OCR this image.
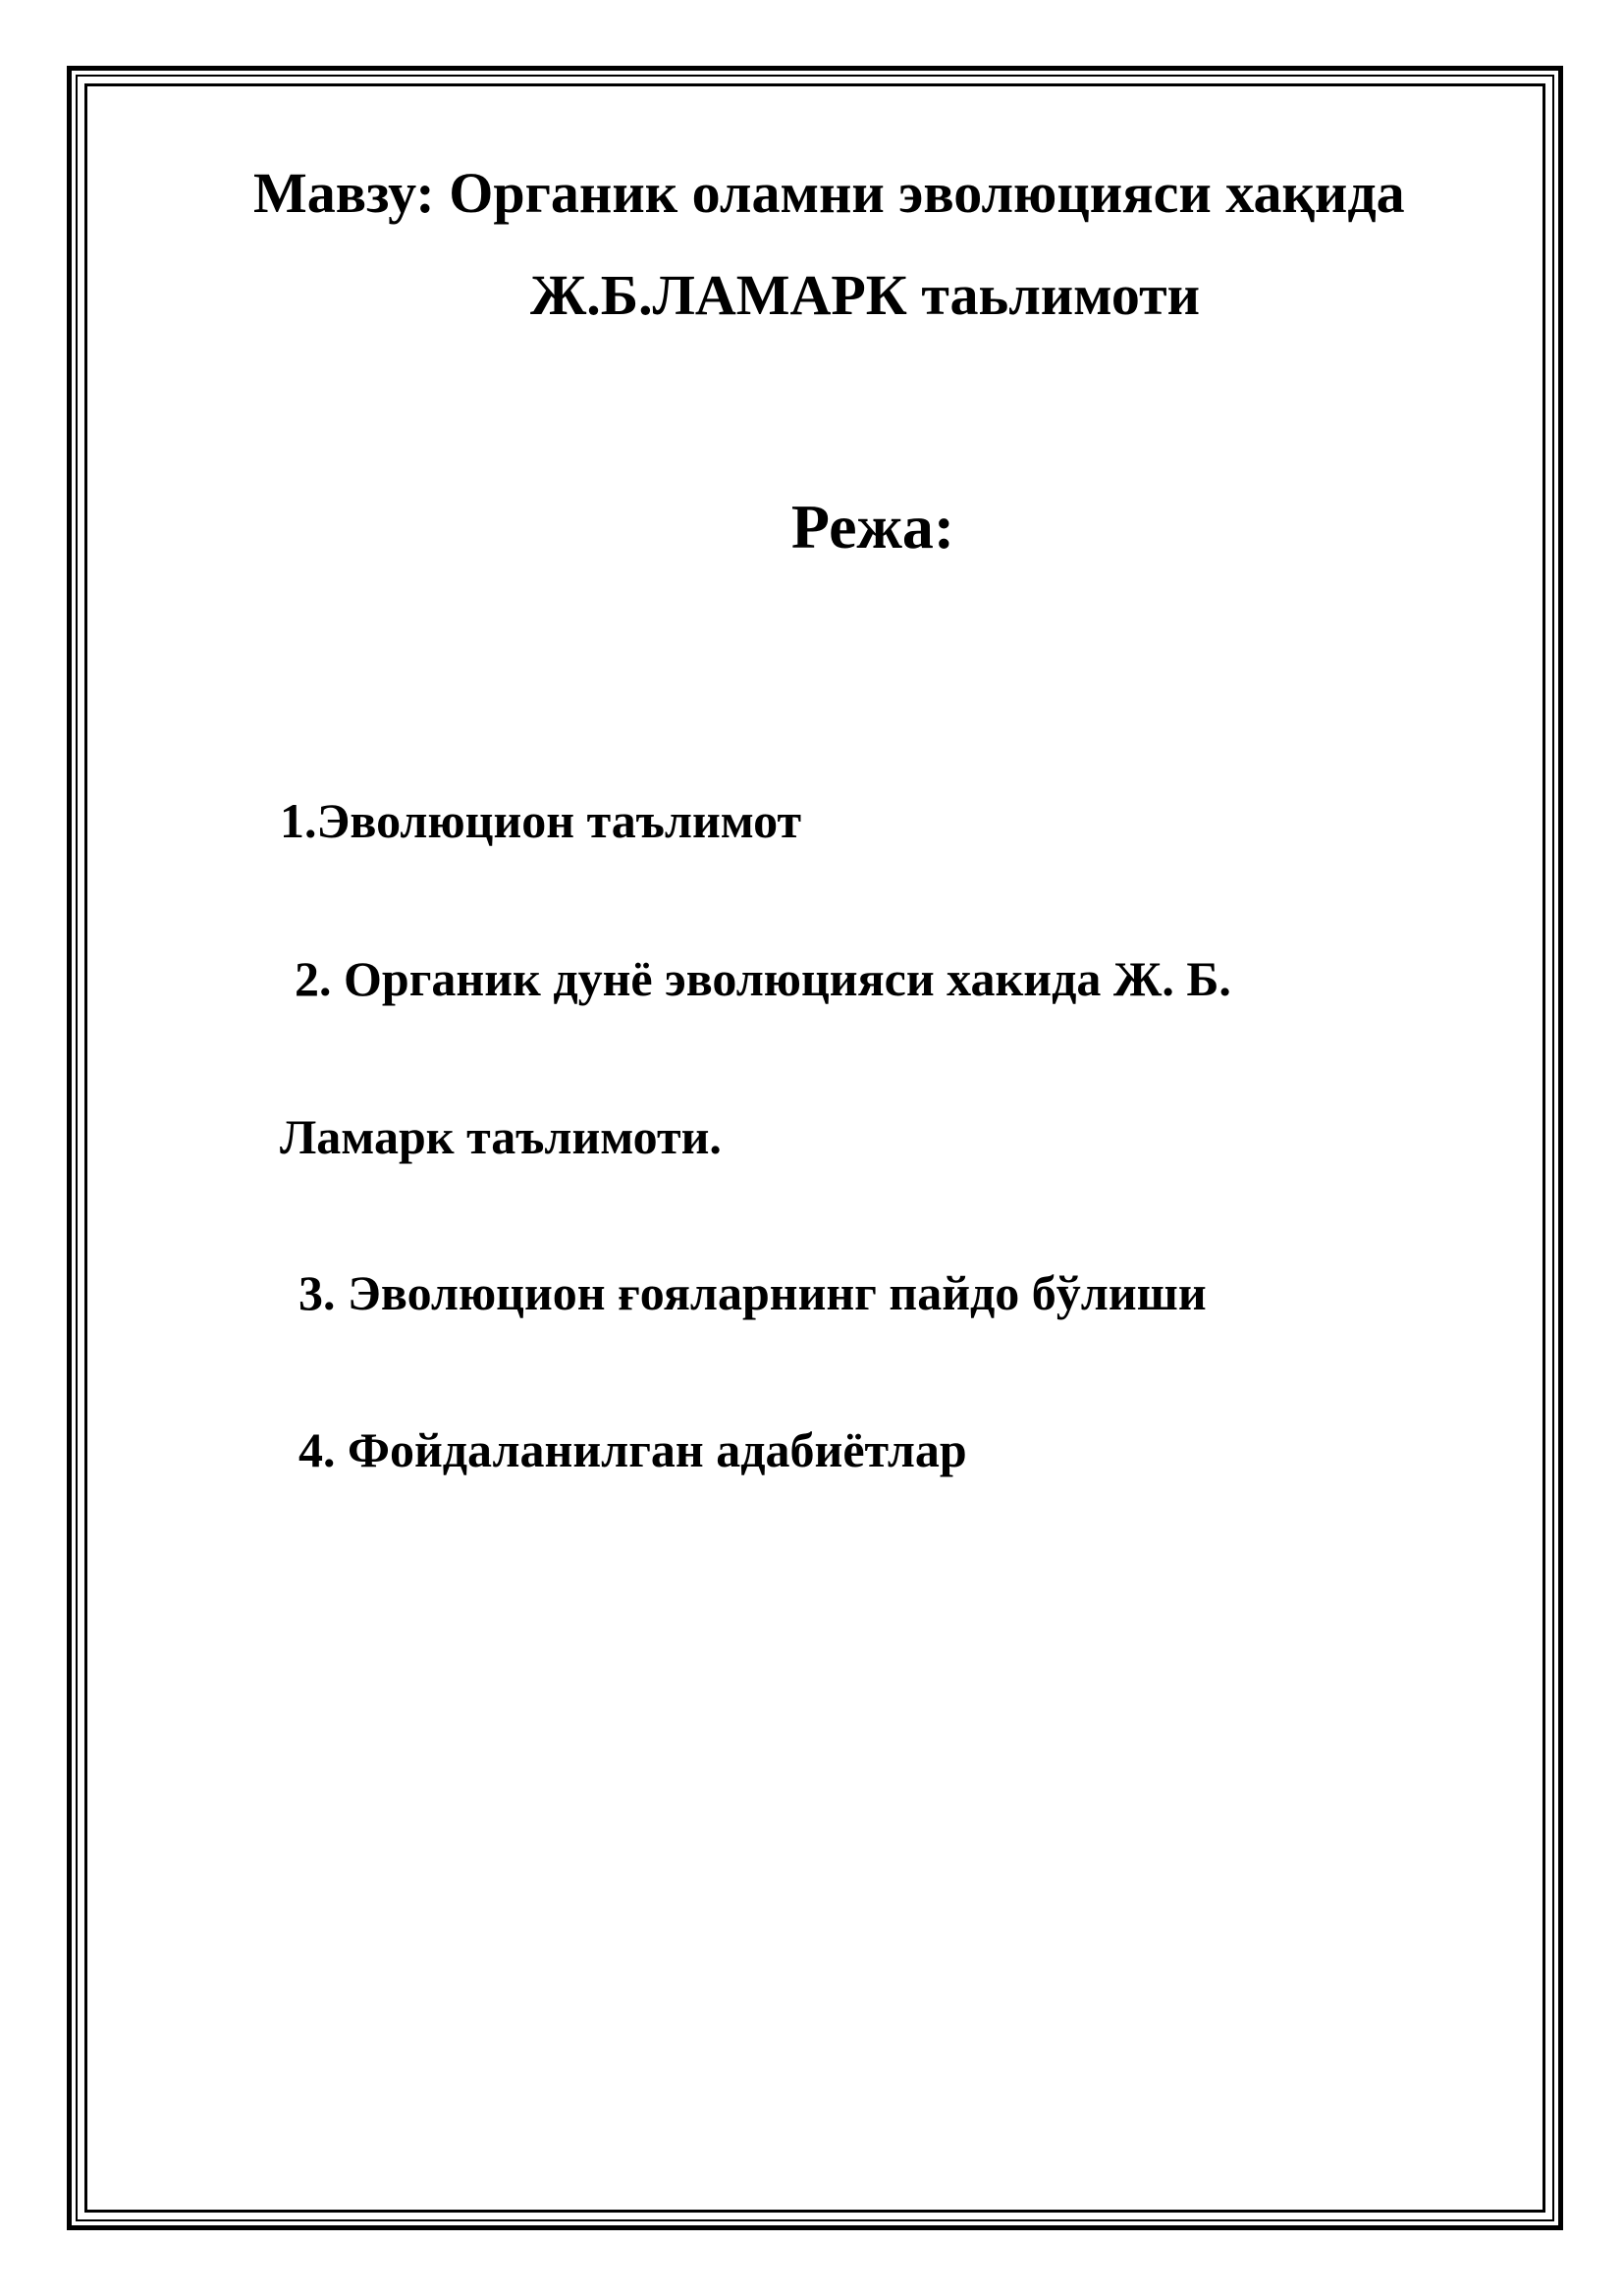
Мавзу: Органик оламни эволюцияси хақида
Ж.Б.ЛАМАРК таьлимоти
Режа:

1.Эволюцион таълимот

2. Органик дунё эволюцияси хакида Ж. Б.

Ламарк таълимоти.

3. Эволюцион ғояларнинг пайдо бўлиши

4. Фойдаланилган адабиётлар
